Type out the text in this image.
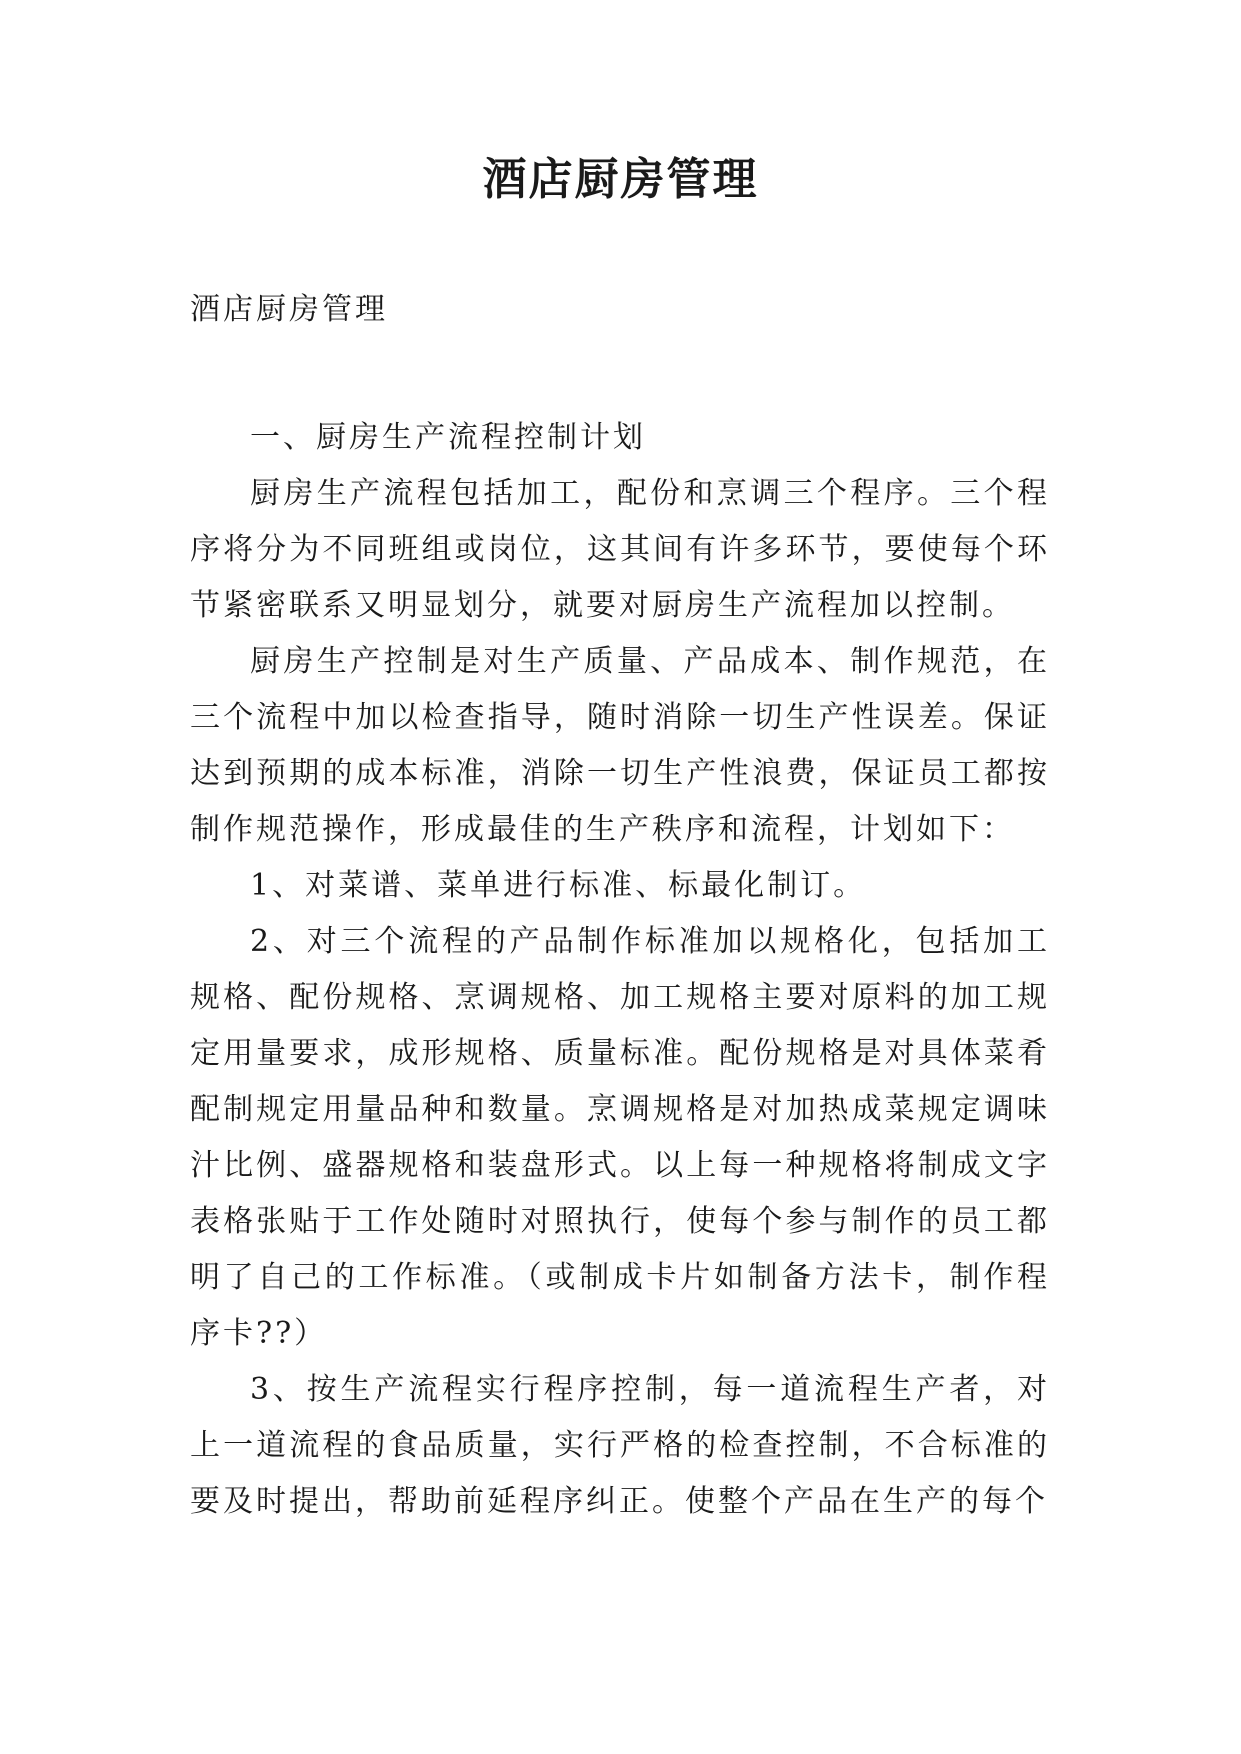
酒店厨房管理

酒店厨房管理

一、厨房生产流程控制计划

厨房生产流程包括加工，配份和烹调三个程序。三个程序将分为不同班组或岗位，这其间有许多环节，要使每个环节紧密联系又明显划分，就要对厨房生产流程加以控制。

厨房生产控制是对生产质量、产品成本、制作规范，在三个流程中加以检查指导，随时消除一切生产性误差。保证达到预期的成本标准，消除一切生产性浪费，保证员工都按制作规范操作，形成最佳的生产秩序和流程，计划如下：

1、对菜谱、菜单进行标准、标最化制订。

2、对三个流程的产品制作标准加以规格化，包括加工规格、配份规格、烹调规格、加工规格主要对原料的加工规定用量要求，成形规格、质量标准。配份规格是对具体菜肴配制规定用量品种和数量。烹调规格是对加热成菜规定调味汁比例、盛器规格和装盘形式。以上每一种规格将制成文字表格张贴于工作处随时对照执行，使每个参与制作的员工都明了自己的工作标准。（或制成卡片如制备方法卡，制作程序卡??）

3、按生产流程实行程序控制，每一道流程生产者，对上一道流程的食品质量，实行严格的检查控制，不合标准的要及时提出，帮助前延程序纠正。使整个产品在生产的每个
